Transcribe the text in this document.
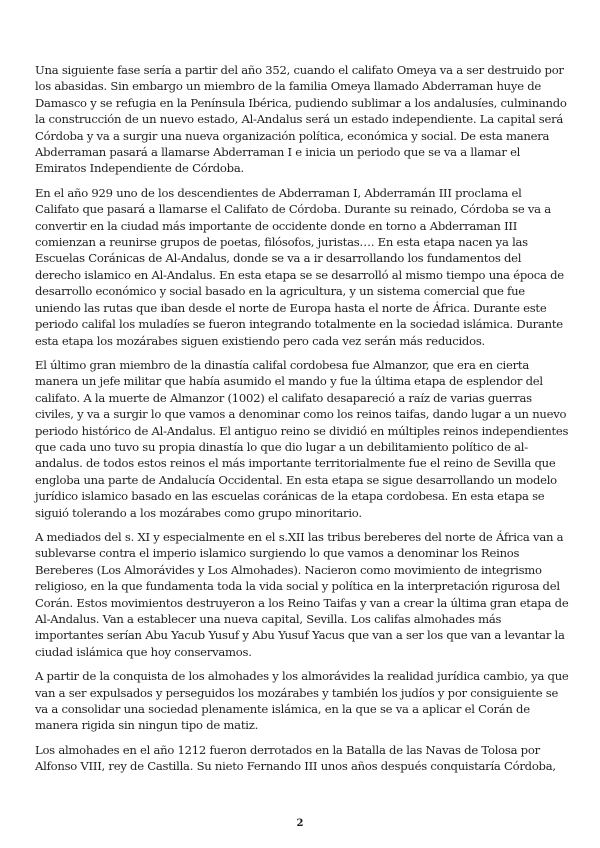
Una siguiente fase sería a partir del año 352, cuando el califato Omeya va a ser destruido por los abasidas. Sin embargo un miembro de la familia Omeya llamado Abderraman huye de Damasco y se refugia en la Península Ibérica, pudiendo sublimar a los andalusíes, culminando la construcción de un nuevo estado, Al-Andalus será un estado independiente. La capital será Córdoba y va a surgir una nueva organización política, económica y social. De esta manera Abderraman pasará a llamarse Abderraman I e inicia un periodo que se va a llamar el Emiratos Independiente de Córdoba.

En el año 929 uno de los descendientes de Abderraman I, Abderramán III proclama el Califato que pasará a llamarse el Califato de Córdoba. Durante su reinado, Córdoba se va a convertir en la ciudad más importante de occidente donde en torno a Abderraman III comienzan a reunirse grupos de poetas, filósofos, juristas…. En esta etapa nacen ya las Escuelas Coránicas de Al-Andalus, donde se va a ir desarrollando los fundamentos del derecho islamico en Al-Andalus. En esta etapa se se desarrolló al mismo tiempo una época de desarrollo económico y social basado en la agricultura, y un sistema comercial que fue uniendo las rutas que iban desde el norte de Europa hasta el norte de África. Durante este periodo califal los muladíes se fueron integrando totalmente en la sociedad islámica. Durante esta etapa los mozárabes siguen existiendo pero cada vez serán más reducidos.

El último gran miembro de la dinastía califal cordobesa fue Almanzor, que era en cierta manera un jefe militar que había asumido el mando y fue la última etapa de esplendor del califato. A la muerte de Almanzor (1002) el califato desapareció a raíz de varias guerras civiles, y va a surgir lo que vamos a denominar como los reinos taifas, dando lugar a un nuevo periodo histórico de Al-Andalus. El antiguo reino se dividió en múltiples reinos independientes que cada uno tuvo su propia dinastía lo que dio lugar a un debilitamiento político de al-andalus. de todos estos reinos el más importante territorialmente fue el reino de Sevilla que engloba una parte de Andalucía Occidental. En esta etapa se sigue desarrollando un modelo jurídico islamico basado en las escuelas coránicas de la etapa cordobesa. En esta etapa se siguió tolerando a los mozárabes como grupo minoritario.

A mediados del s. XI y especialmente en el s.XII las tribus bereberes del norte de África van a sublevarse contra el imperio islamico surgiendo lo que vamos a denominar los Reinos Bereberes (Los Almorávides y Los Almohades). Nacieron como movimiento de integrismo religioso, en la que fundamenta toda la vida social y política en la interpretación rigurosa del Corán. Estos movimientos destruyeron a los Reino Taifas y van a crear la última gran etapa de Al-Andalus. Van a establecer una nueva capital, Sevilla. Los califas almohades más importantes serían Abu Yacub Yusuf y Abu Yusuf Yacus que van a ser los que van a levantar la ciudad islámica que hoy conservamos.

A partir de la conquista de los almohades y los almorávides la realidad jurídica cambio, ya que van a ser expulsados y perseguidos los mozárabes y también los judíos y por consiguiente se va a consolidar una sociedad plenamente islámica, en la que se va a aplicar el Corán de manera rigida sin ningun tipo de matiz.

Los almohades en el año 1212 fueron derrotados en la Batalla de las Navas de Tolosa por Alfonso VIII, rey de Castilla. Su nieto Fernando III unos años después conquistaría Córdoba,

2
